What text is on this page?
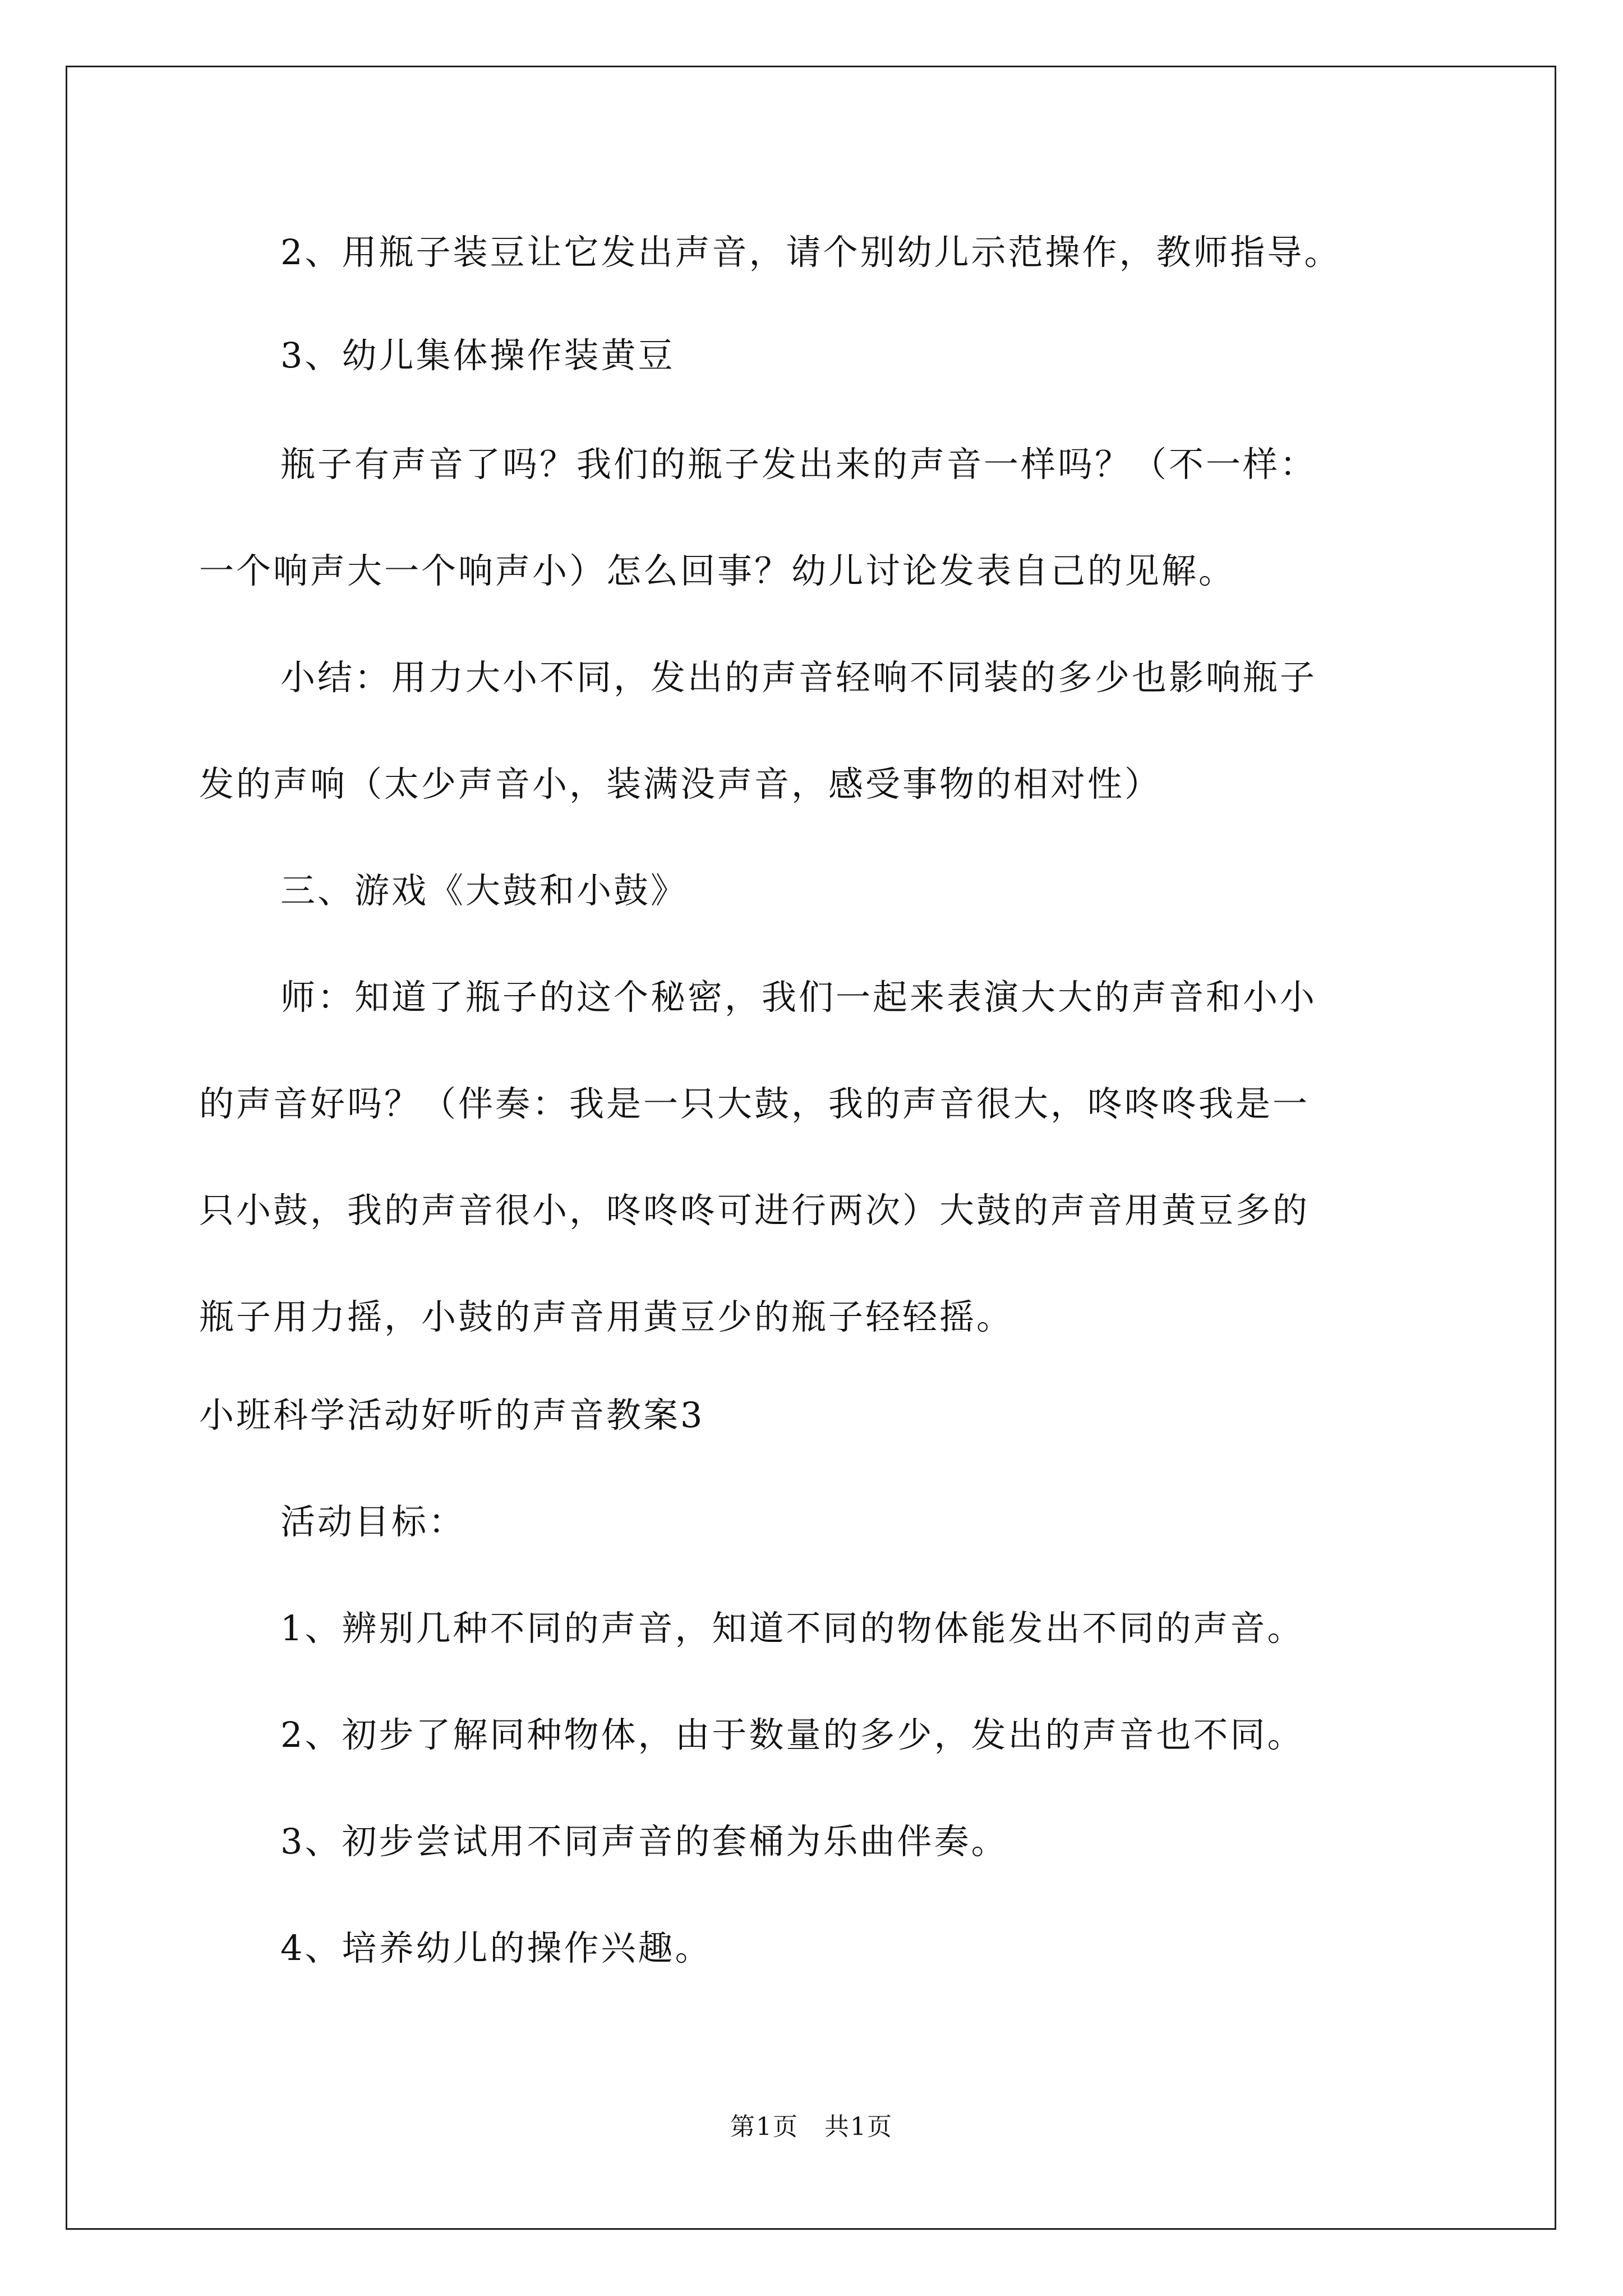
2、用瓶子装豆让它发出声音，请个别幼儿示范操作，教师指导。

3、幼儿集体操作装黄豆

瓶子有声音了吗？我们的瓶子发出来的声音一样吗？（不一样：

一个响声大一个响声小）怎么回事？幼儿讨论发表自己的见解。

小结：用力大小不同，发出的声音轻响不同装的多少也影响瓶子

发的声响（太少声音小，装满没声音，感受事物的相对性）

三、游戏《大鼓和小鼓》

师：知道了瓶子的这个秘密，我们一起来表演大大的声音和小小

的声音好吗？（伴奏：我是一只大鼓，我的声音很大，咚咚咚我是一

只小鼓，我的声音很小，咚咚咚可进行两次）大鼓的声音用黄豆多的

瓶子用力摇，小鼓的声音用黄豆少的瓶子轻轻摇。

小班科学活动好听的声音教案3

活动目标：

1、辨别几种不同的声音，知道不同的物体能发出不同的声音。

2、初步了解同种物体，由于数量的多少，发出的声音也不同。

3、初步尝试用不同声音的套桶为乐曲伴奏。

4、培养幼儿的操作兴趣。

第1页　共1页
